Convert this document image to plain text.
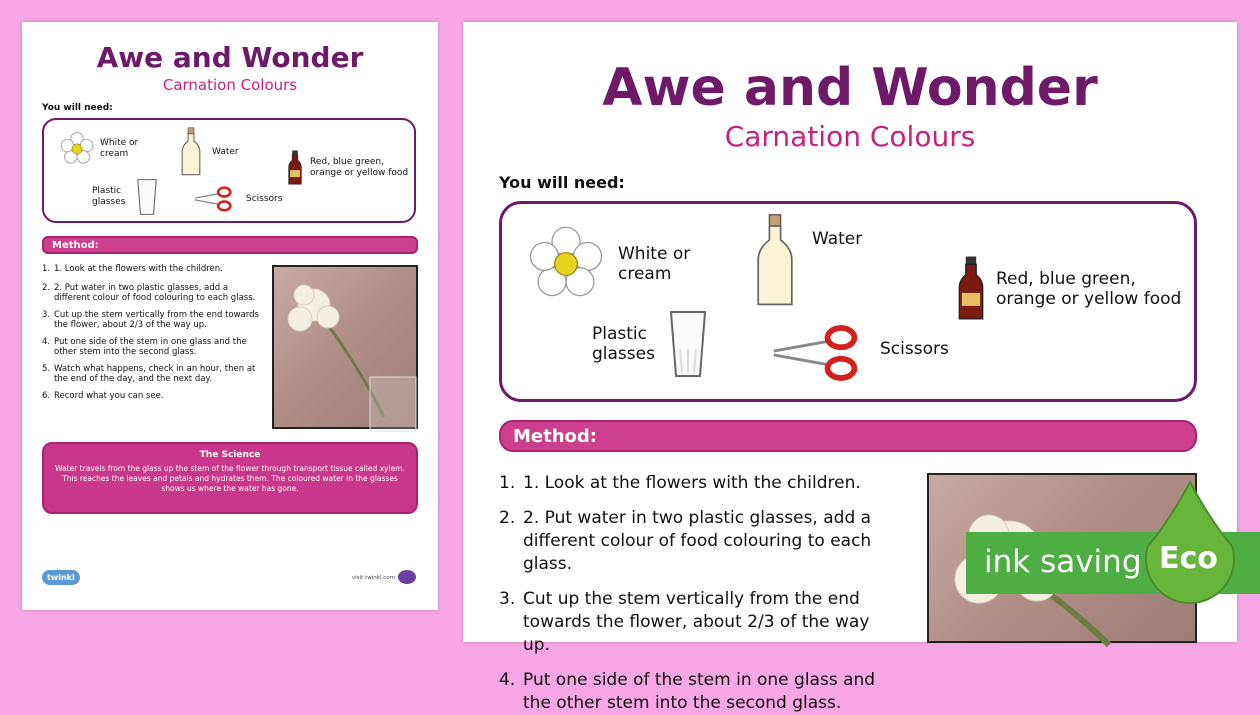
Awe and Wonder

Carnation Colours

You will need:

White or cream	Water
Red, blue green, orange or yellow food
Plastic glasses	Scissors
Method:
1. 1. Look at the flowers with the children.
2. 2. Put water in two plastic glasses, add a different colour of food colouring to each glass.
3. Cut up the stem vertically from the end towards the flower, about 2/3 of the way up.
4. Put one side of the stem in one glass and the other stem into the second glass.
5. Watch what happens, check in an hour, then at the end of the day, and the next day.
6. Record what you can see.
The Science
Water travels from the glass up the stem of the flower through transport tissue called xylem. This reaches the leaves and petals and hydrates them. The coloured water in the glasses shows us where the water has gone.
twinkl	visit twinkl.com
Awe and Wonder

Carnation Colours

You will need:

White or cream
Water
Red, blue green, orange or yellow food
Plastic glasses	Scissors
Method:
1. 1. Look at the flowers with the children.
2. 2. Put water in two plastic glasses, add a different colour of food colouring to each glass.
3. Cut up the stem vertically from the end towards the flower, about 2/3 of the way up.
4. Put one side of the stem in one glass and the other stem into the second glass.
ink saving Eco
